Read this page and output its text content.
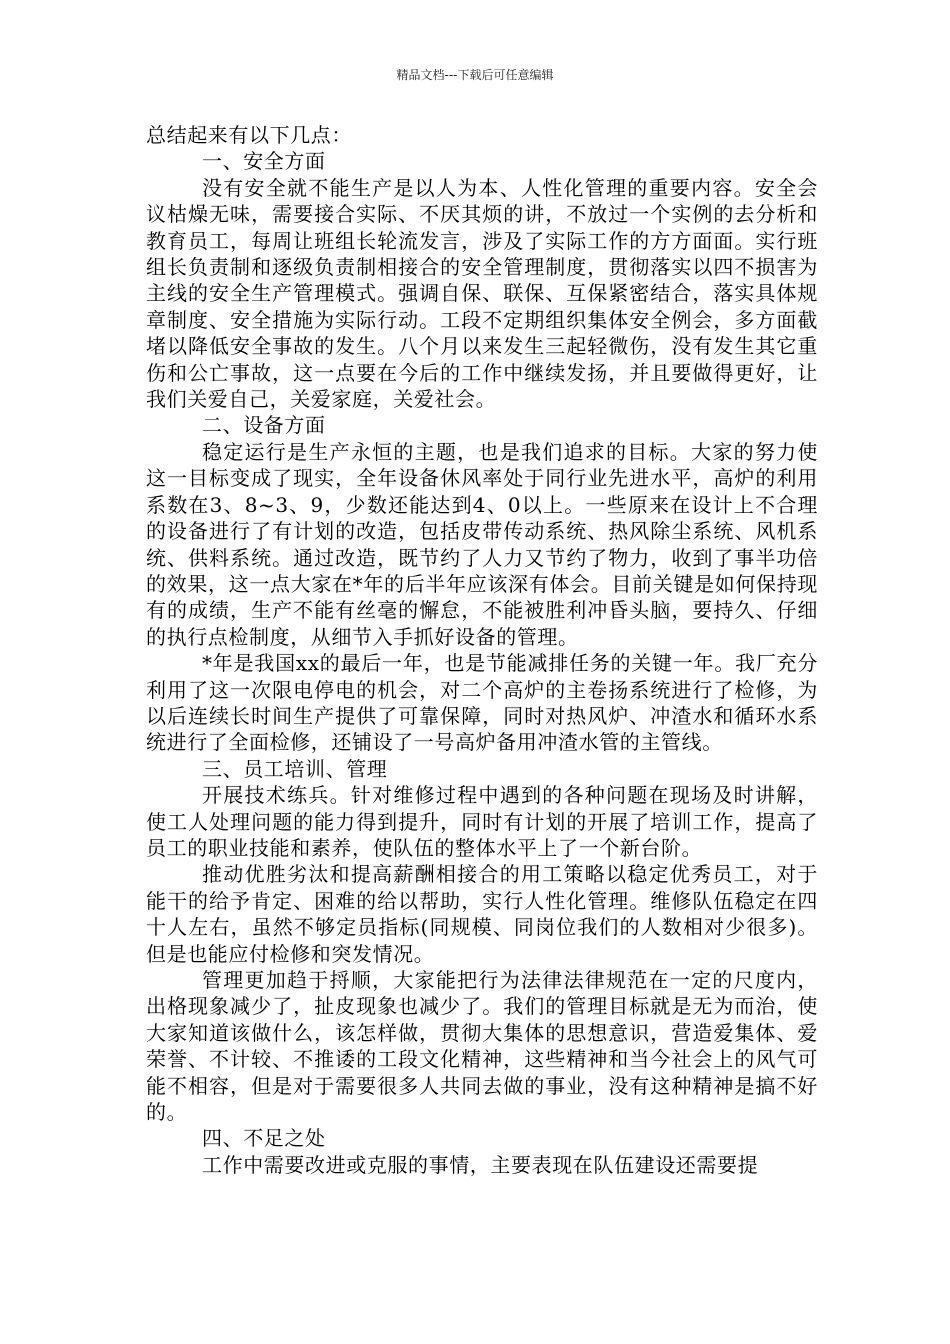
精品文档---下载后可任意编辑

总结起来有以下几点：

一、安全方面

没有安全就不能生产是以人为本、人性化管理的重要内容。安全会议枯燥无味，需要接合实际、不厌其烦的讲，不放过一个实例的去分析和教育员工，每周让班组长轮流发言，涉及了实际工作的方方面面。实行班组长负责制和逐级负责制相接合的安全管理制度，贯彻落实以四不损害为主线的安全生产管理模式。强调自保、联保、互保紧密结合，落实具体规章制度、安全措施为实际行动。工段不定期组织集体安全例会，多方面截堵以降低安全事故的发生。八个月以来发生三起轻微伤，没有发生其它重伤和公亡事故，这一点要在今后的工作中继续发扬，并且要做得更好，让我们关爱自己，关爱家庭，关爱社会。

二、设备方面

稳定运行是生产永恒的主题，也是我们追求的目标。大家的努力使这一目标变成了现实，全年设备休风率处于同行业先进水平，高炉的利用系数在3、8~3、9，少数还能达到4、0以上。一些原来在设计上不合理的设备进行了有计划的改造，包括皮带传动系统、热风除尘系统、风机系统、供料系统。通过改造，既节约了人力又节约了物力，收到了事半功倍的效果，这一点大家在*年的后半年应该深有体会。目前关键是如何保持现有的成绩，生产不能有丝毫的懈怠，不能被胜利冲昏头脑，要持久、仔细的执行点检制度，从细节入手抓好设备的管理。

*年是我国xx的最后一年，也是节能减排任务的关键一年。我厂充分利用了这一次限电停电的机会，对二个高炉的主卷扬系统进行了检修，为以后连续长时间生产提供了可靠保障，同时对热风炉、冲渣水和循环水系统进行了全面检修，还铺设了一号高炉备用冲渣水管的主管线。

三、员工培训、管理

开展技术练兵。针对维修过程中遇到的各种问题在现场及时讲解，使工人处理问题的能力得到提升，同时有计划的开展了培训工作，提高了员工的职业技能和素养，使队伍的整体水平上了一个新台阶。

推动优胜劣汰和提高薪酬相接合的用工策略以稳定优秀员工，对于能干的给予肯定、困难的给以帮助，实行人性化管理。维修队伍稳定在四十人左右，虽然不够定员指标(同规模、同岗位我们的人数相对少很多)。但是也能应付检修和突发情况。

管理更加趋于捋顺，大家能把行为法律法律规范在一定的尺度内，出格现象减少了，扯皮现象也减少了。我们的管理目标就是无为而治，使大家知道该做什么，该怎样做，贯彻大集体的思想意识，营造爱集体、爱荣誉、不计较、不推诿的工段文化精神，这些精神和当今社会上的风气可能不相容，但是对于需要很多人共同去做的事业，没有这种精神是搞不好的。

四、不足之处

工作中需要改进或克服的事情，主要表现在队伍建设还需要提
